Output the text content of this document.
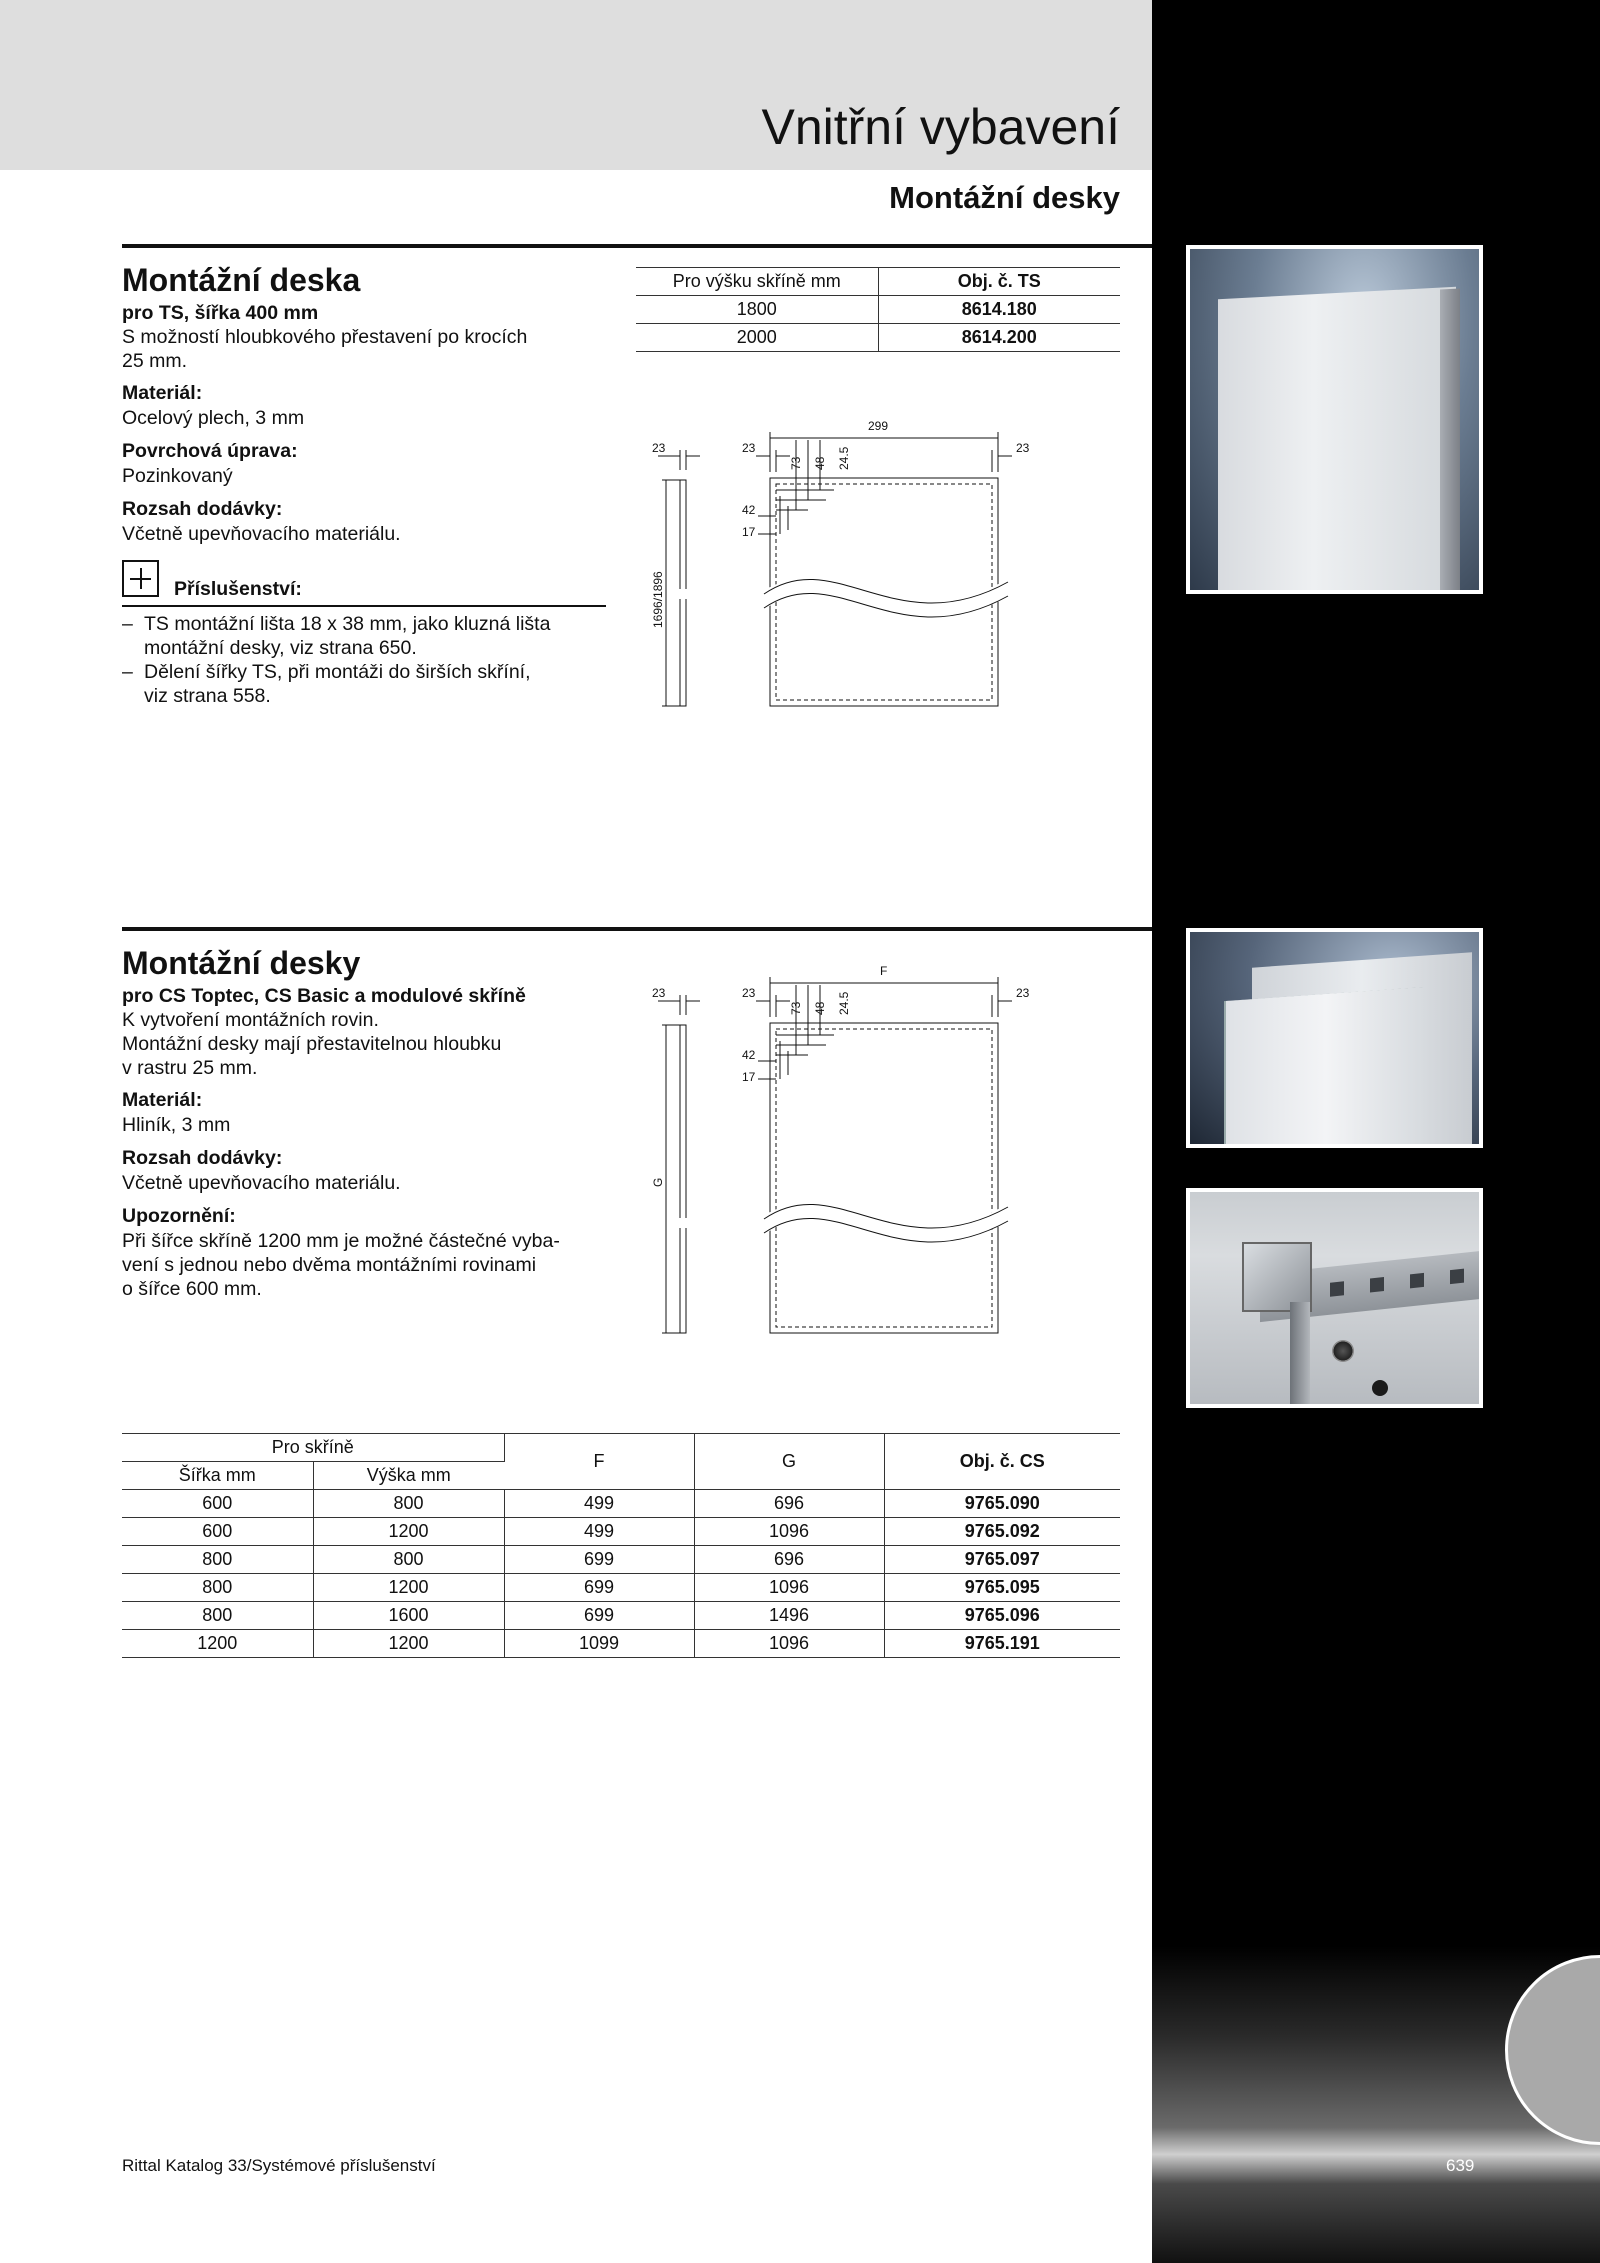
Vnitřní vybavení
Montážní desky
Montážní deska
pro TS, šířka 400 mm
S možností hloubkového přestavení po krocích
25 mm.
Materiál:
Ocelový plech, 3 mm
Povrchová úprava:
Pozinkovaný
Rozsah dodávky:
Včetně upevňovacího materiálu.
Příslušenství:
– TS montážní lišta 18 x 38 mm, jako kluzná lišta
montážní desky, viz strana 650.
– Dělení šířky TS, při montáži do širších skříní,
viz strana 558.
Pro výšku skříně mm	Obj. č. TS
1800	8614.180
2000	8614.200
23
299
23	23
73 48 24.5
42
17
1696/1896
Montážní desky
pro CS Toptec, CS Basic a modulové skříně
K vytvoření montážních rovin.
Montážní desky mají přestavitelnou hloubku
v rastru 25 mm.
Materiál:
Hliník, 3 mm
Rozsah dodávky:
Včetně upevňovacího materiálu.
Upozornění:
Při šířce skříně 1200 mm je možné částečné vyba-
vení s jednou nebo dvěma montážními rovinami
o šířce 600 mm.
23
F
23	23
73 48 24.5
42
17
G
Pro skříně		F	G	Obj. č. CS
Šířka mm	Výška mm			
600	800	499	696	9765.090
600	1200	499	1096	9765.092
800	800	699	696	9765.097
800	1200	699	1096	9765.095
800	1600	699	1496	9765.096
1200	1200	1099	1096	9765.191
Rittal Katalog 33/Systémové příslušenství	639
